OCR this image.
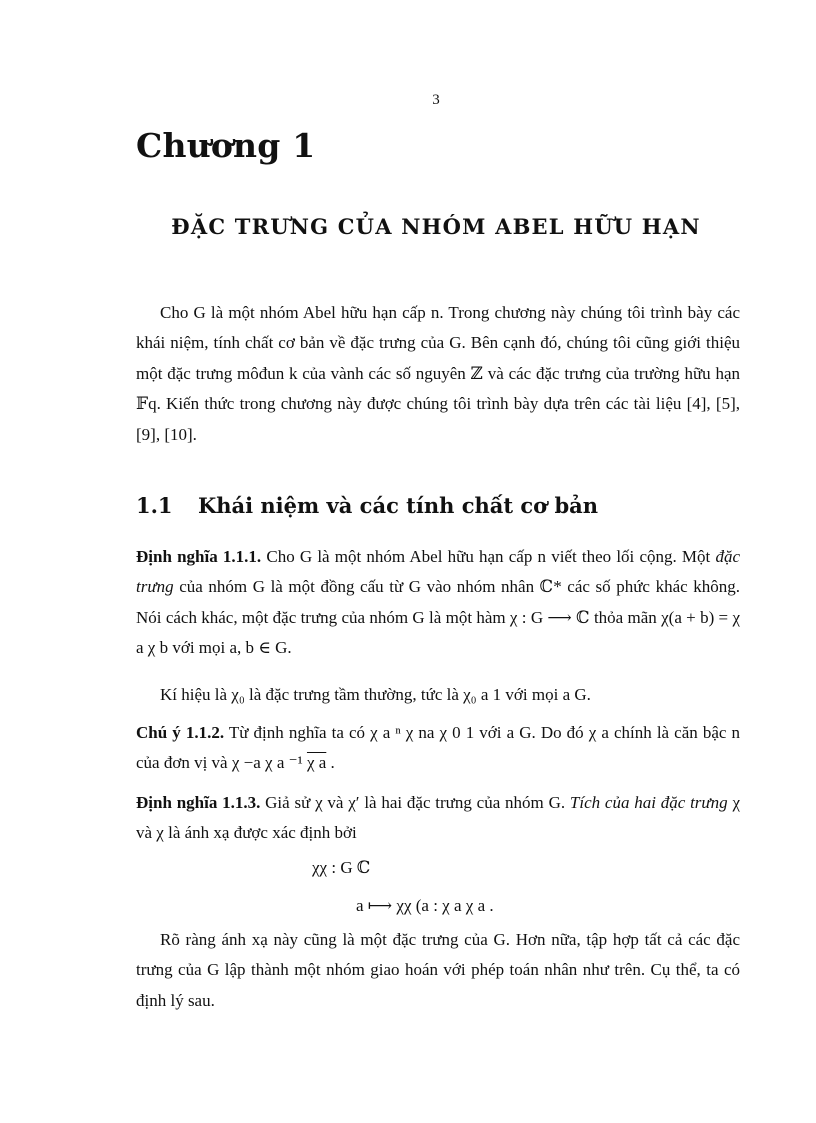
3
Chương 1
ĐẶC TRƯNG CỦA NHÓM ABEL HỮU HẠN

Cho G là một nhóm Abel hữu hạn cấp n. Trong chương này chúng tôi trình bày các khái niệm, tính chất cơ bản về đặc trưng của G. Bên cạnh đó, chúng tôi cũng giới thiệu một đặc trưng môđun k của vành các số nguyên ℤ và các đặc trưng của trường hữu hạn 𝔽q. Kiến thức trong chương này được chúng tôi trình bày dựa trên các tài liệu [4], [5], [9], [10].

1.1 Khái niệm và các tính chất cơ bản

Định nghĩa 1.1.1. Cho G là một nhóm Abel hữu hạn cấp n viết theo lối cộng. Một đặc trưng của nhóm G là một đồng cấu từ G vào nhóm nhân ℂ* các số phức khác không. Nói cách khác, một đặc trưng của nhóm G là một hàm χ : G ⟶ ℂ thỏa mãn χ(a + b) = χ a χ b với mọi a, b ∈ G.

Kí hiệu là χ₀ là đặc trưng tầm thường, tức là χ₀ a 1 với mọi a G.

Chú ý 1.1.2. Từ định nghĩa ta có χ a ⁿ χ na χ 0 1 với a G. Do đó χ a chính là căn bậc n của đơn vị và χ −a χ a ⁻¹ χ a .

Định nghĩa 1.1.3. Giả sử χ và χ′ là hai đặc trưng của nhóm G. Tích của hai đặc trưng χ và χ là ánh xạ được xác định bởi

χχ : G ℂ
a ⟼ χχ (a : χ a χ a .

Rõ ràng ánh xạ này cũng là một đặc trưng của G. Hơn nữa, tập hợp tất cả các đặc trưng của G lập thành một nhóm giao hoán với phép toán nhân như trên. Cụ thể, ta có định lý sau.
